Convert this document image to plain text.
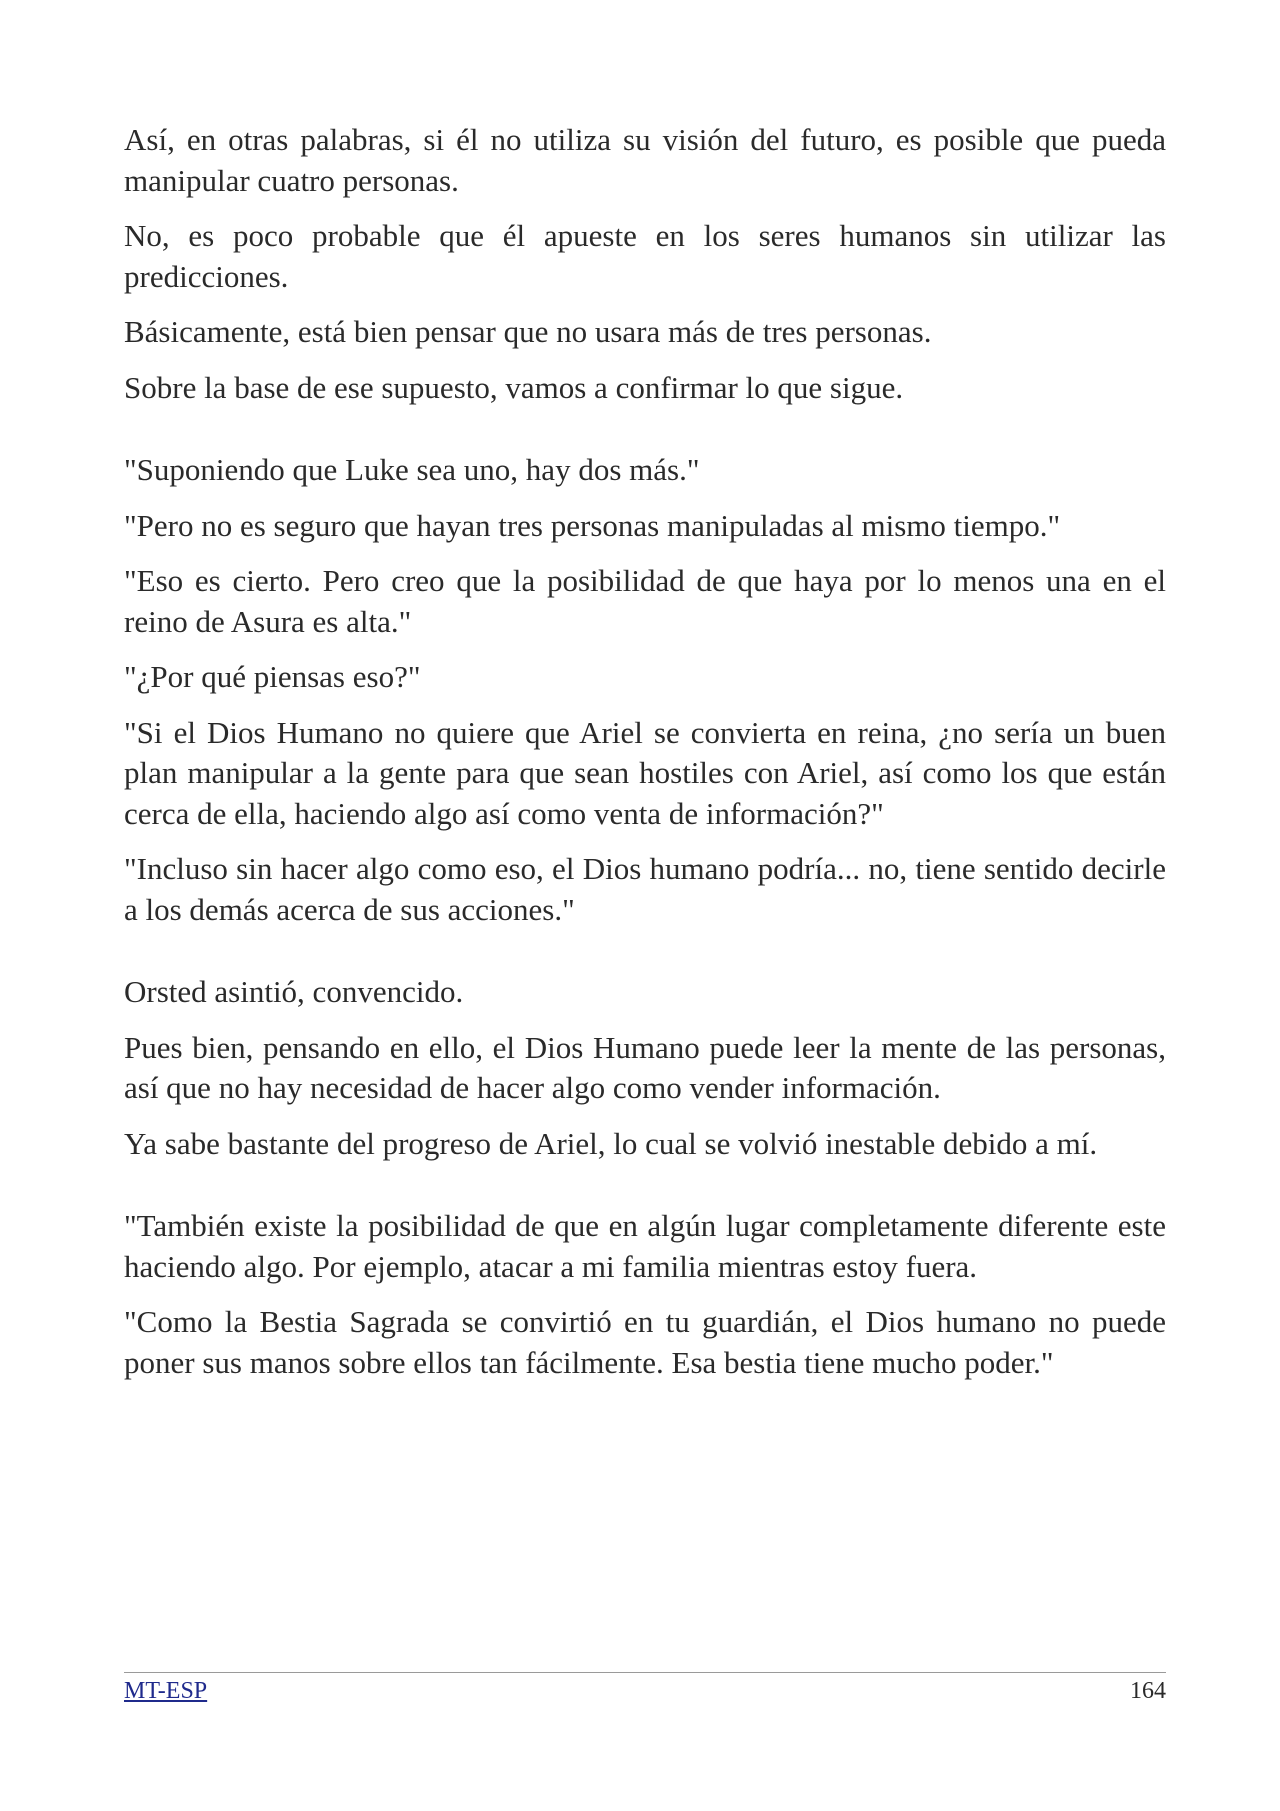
Así, en otras palabras, si él no utiliza su visión del futuro, es posible que pueda manipular cuatro personas.

No, es poco probable que él apueste en los seres humanos sin utilizar las predicciones.

Básicamente, está bien pensar que no usara más de tres personas.

Sobre la base de ese supuesto, vamos a confirmar lo que sigue.

"Suponiendo que Luke sea uno, hay dos más."

"Pero no es seguro que hayan tres personas manipuladas al mismo tiempo."

"Eso es cierto. Pero creo que la posibilidad de que haya por lo menos una en el reino de Asura es alta."

"¿Por qué piensas eso?"

"Si el Dios Humano no quiere que Ariel se convierta en reina, ¿no sería un buen plan manipular a la gente para que sean hostiles con Ariel, así como los que están cerca de ella, haciendo algo así como venta de información?"

"Incluso sin hacer algo como eso, el Dios humano podría... no, tiene sentido decirle a los demás acerca de sus acciones."

Orsted asintió, convencido.

Pues bien, pensando en ello, el Dios Humano puede leer la mente de las personas, así que no hay necesidad de hacer algo como vender información.

Ya sabe bastante del progreso de Ariel, lo cual se volvió inestable debido a mí.

"También existe la posibilidad de que en algún lugar completamente diferente este haciendo algo. Por ejemplo, atacar a mi familia mientras estoy fuera.

"Como la Bestia Sagrada se convirtió en tu guardián, el Dios humano no puede poner sus manos sobre ellos tan fácilmente. Esa bestia tiene mucho poder."

MT-ESP	164
